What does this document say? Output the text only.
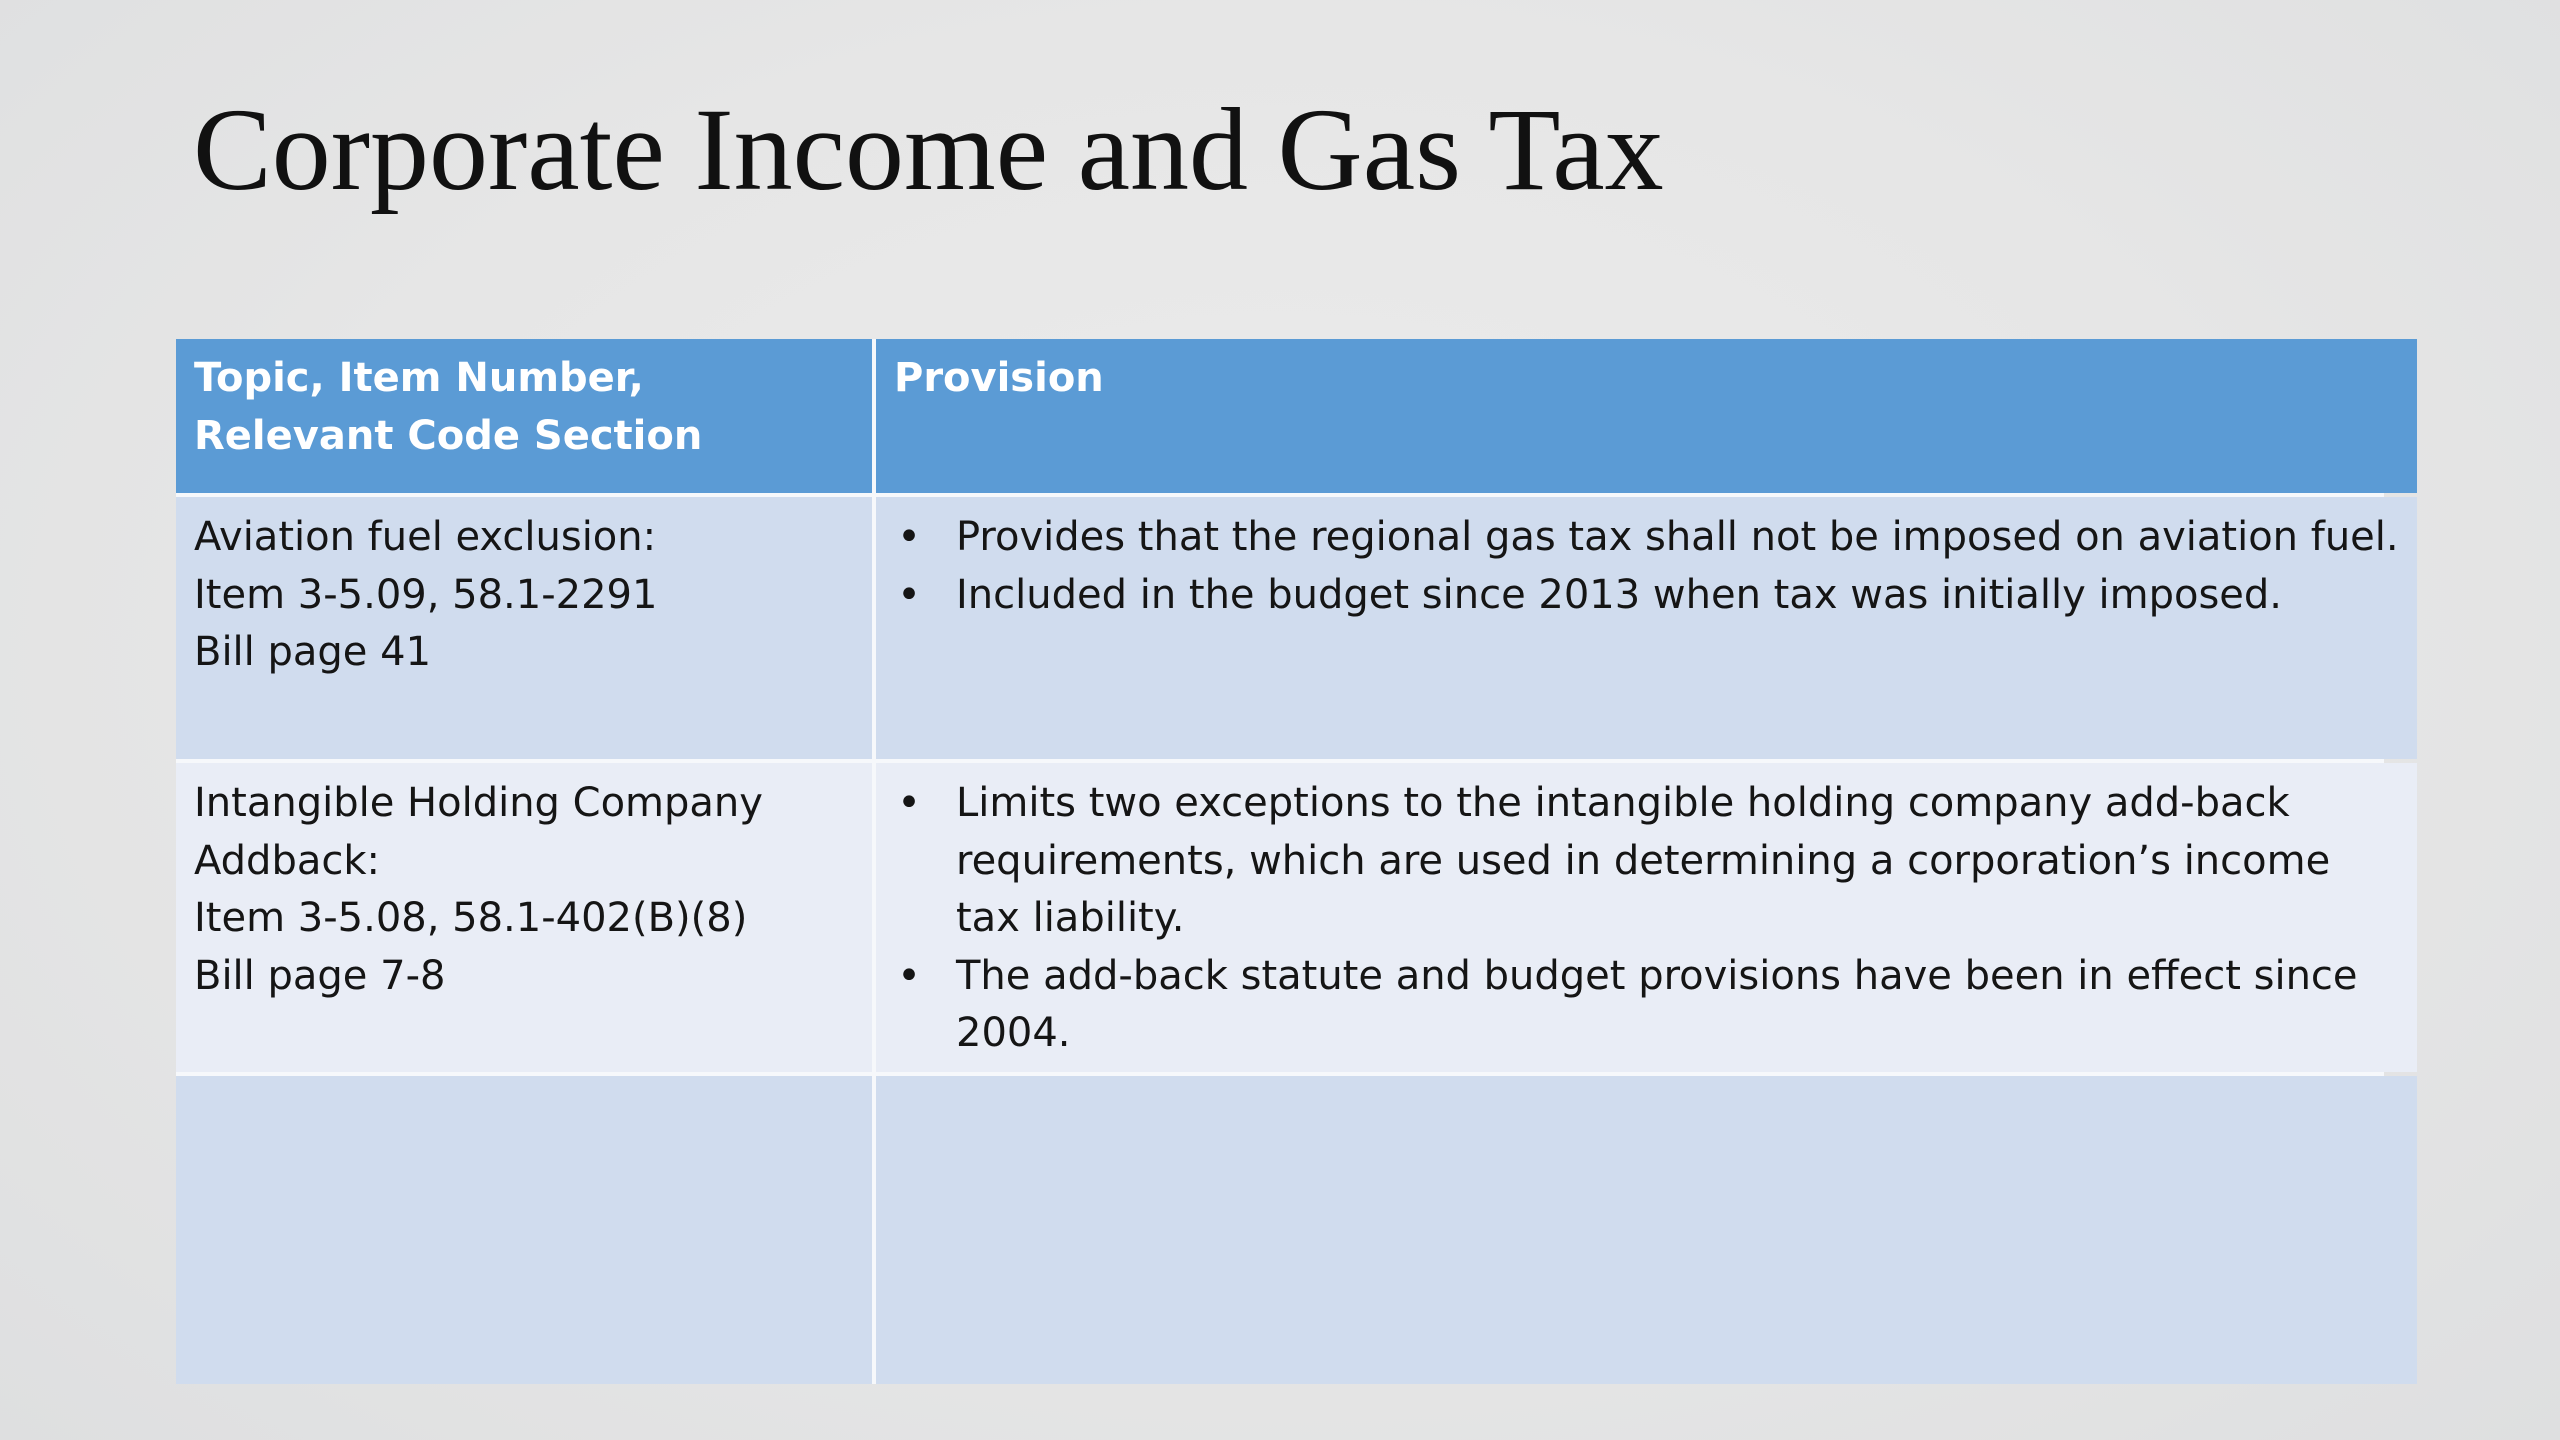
Corporate Income and Gas Tax
Topic, Item Number,
Relevant Code Section
Provision
Aviation fuel exclusion:
Item 3-5.09, 58.1-2291
Bill page 41
• Provides that the regional gas tax shall not be imposed on aviation fuel.
• Included in the budget since 2013 when tax was initially imposed.
Intangible Holding Company
Addback:
Item 3-5.08, 58.1-402(B)(8)
Bill page 7-8
• Limits two exceptions to the intangible holding company add-back requirements, which are used in determining a corporation’s income tax liability.
• The add-back statute and budget provisions have been in effect since 2004.
